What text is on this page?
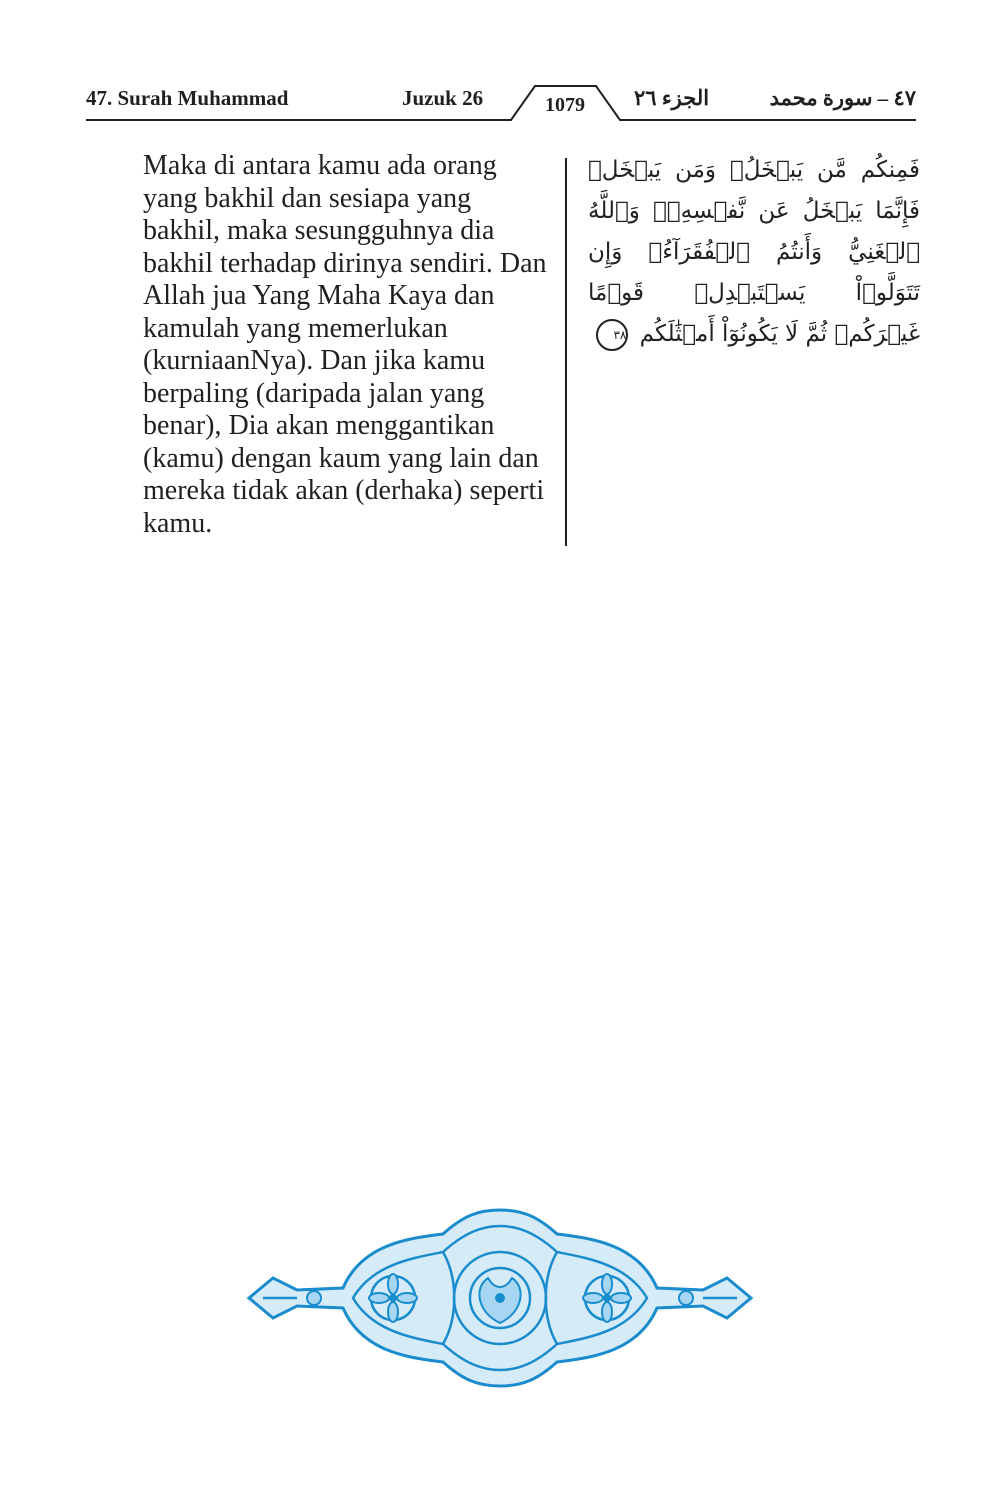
47. Surah Muhammad	Juzuk 26	1079	الجزء ٢٦	٤٧ – سورة محمد

Maka di antara kamu ada orang yang bakhil dan sesiapa yang bakhil, maka sesungguhnya dia bakhil terhadap dirinya sendiri. Dan Allah jua Yang Maha Kaya dan kamulah yang memerlukan (kurniaanNya). Dan jika kamu berpaling (daripada jalan yang benar), Dia akan menggantikan (kamu) dengan kaum yang lain dan mereka tidak akan (derhaka) seperti kamu.

فَمِنكُم مَّن يَبۡخَلُۖ وَمَن يَبۡخَلۡ فَإِنَّمَا يَبۡخَلُ عَن نَّفۡسِهِۦۚ وَٱللَّهُ ٱلۡغَنِيُّ وَأَنتُمُ ٱلۡفُقَرَآءُۚ وَإِن تَتَوَلَّوۡاْ يَسۡتَبۡدِلۡ قَوۡمًا غَيۡرَكُمۡ ثُمَّ لَا يَكُونُوٓاْ أَمۡثَٰلَكُم ٣٨
